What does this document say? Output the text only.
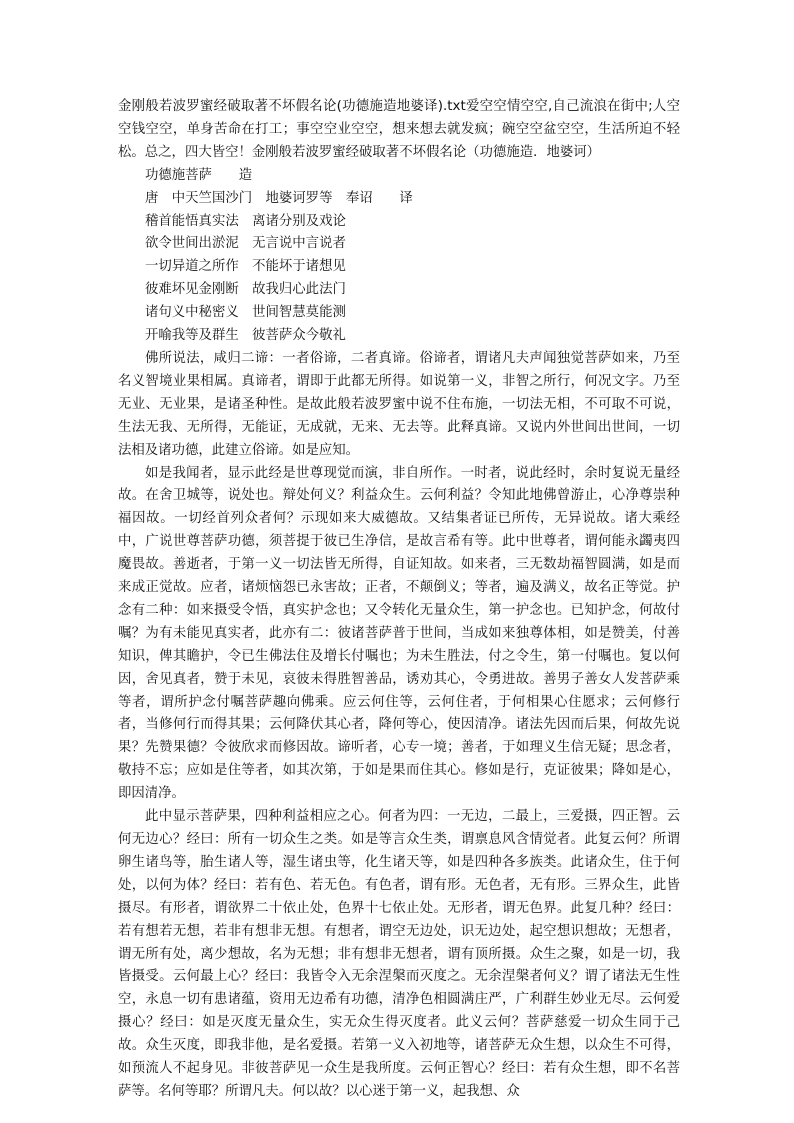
金刚般若波罗蜜经破取著不坏假名论(功德施造地婆译).txt爱空空情空空,自己流浪在街中;人空空钱空空，单身苦命在打工；事空空业空空，想来想去就发疯；碗空空盆空空，生活所迫不轻松。总之，四大皆空！金刚般若波罗蜜经破取著不坏假名论（功德施造．地婆诃）

功德施菩萨　　造

唐　中天竺国沙门　地婆诃罗等　奉诏　　译

稽首能悟真实法　离诸分别及戏论

欲令世间出淤泥　无言说中言说者

一切异道之所作　不能坏于诸想见

彼难坏见金刚断　故我归心此法门

诸句义中秘密义　世间智慧莫能测

开喻我等及群生　彼菩萨众今敬礼

佛所说法，咸归二谛：一者俗谛，二者真谛。俗谛者，谓诸凡夫声闻独觉菩萨如来，乃至名义智境业果相属。真谛者，谓即于此都无所得。如说第一义，非智之所行，何况文字。乃至无业、无业果，是诸圣种性。是故此般若波罗蜜中说不住布施，一切法无相，不可取不可说，生法无我、无所得，无能证，无成就，无来、无去等。此释真谛。又说内外世间出世间，一切法相及诸功德，此建立俗谛。如是应知。

如是我闻者，显示此经是世尊现觉而演，非自所作。一时者，说此经时，余时复说无量经故。在舍卫城等，说处也。辩处何义？利益众生。云何利益？令知此地佛曾游止，心净尊崇种福因故。一切经首列众者何？示现如来大威德故。又结集者证已所传，无异说故。诸大乘经中，广说世尊菩萨功德，须菩提于彼已生净信，是故言希有等。此中世尊者，谓何能永蠲夷四魔畏故。善逝者，于第一义一切法皆无所得，自证知故。如来者，三无数劫福智圆满，如是而来成正觉故。应者，诸烦恼怨已永害故；正者，不颠倒义；等者，遍及满义，故名正等觉。护念有二种：如来摄受令悟，真实护念也；又令转化无量众生，第一护念也。已知护念，何故付嘱？为有未能见真实者，此亦有二：彼诸菩萨普于世间，当成如来独尊体相，如是赞美，付善知识，俾其瞻护，令已生佛法住及增长付嘱也；为未生胜法，付之令生，第一付嘱也。复以何因，舍见真者，赞于未见，哀彼未得胜智善品，诱劝其心，令勇进故。善男子善女人发菩萨乘等者，谓所护念付嘱菩萨趣向佛乘。应云何住等，云何住者，于何相果心住愿求；云何修行者，当修何行而得其果；云何降伏其心者，降何等心，使因清净。诸法先因而后果，何故先说果？先赞果德？令彼欣求而修因故。谛听者，心专一境；善者，于如理义生信无疑；思念者，敬持不忘；应如是住等者，如其次第，于如是果而住其心。修如是行，克证彼果；降如是心，即因清净。

此中显示菩萨果，四种利益相应之心。何者为四：一无边，二最上，三爱摄，四正智。云何无边心？经曰：所有一切众生之类。如是等言众生类，谓禀息风含情觉者。此复云何？所谓卵生诸鸟等，胎生诸人等，湿生诸虫等，化生诸天等，如是四种各多族类。此诸众生，住于何处，以何为体？经曰：若有色、若无色。有色者，谓有形。无色者，无有形。三界众生，此皆摄尽。有形者，谓欲界二十依止处，色界十七依止处。无形者，谓无色界。此复几种？经曰：若有想若无想，若非有想非无想。有想者，谓空无边处，识无边处，起空想识想故；无想者，谓无所有处，离少想故，名为无想；非有想非无想者，谓有顶所摄。众生之聚，如是一切，我皆摄受。云何最上心？经曰：我皆令入无余涅槃而灭度之。无余涅槃者何义？谓了诸法无生性空，永息一切有患诸蕴，资用无边希有功德，清净色相圆满庄严，广利群生妙业无尽。云何爱摄心？经曰：如是灭度无量众生，实无众生得灭度者。此义云何？菩萨慈爱一切众生同于己故。众生灭度，即我非他，是名爱摄。若第一义入初地等，诸菩萨无众生想，以众生不可得，如预流人不起身见。非彼菩萨见一众生是我所度。云何正智心？经曰：若有众生想，即不名菩萨等。名何等耶？所谓凡夫。何以故？以心迷于第一义，起我想、众
